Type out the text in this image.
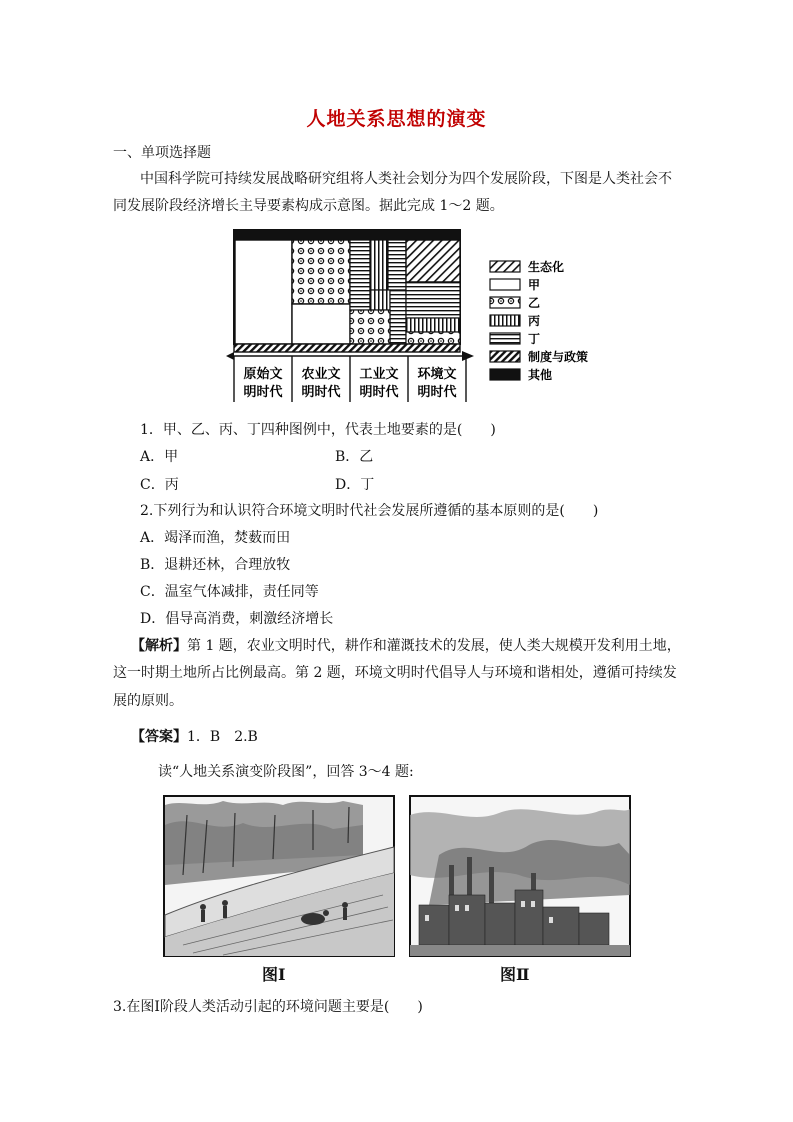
人地关系思想的演变
一、单项选择题
中国科学院可持续发展战略研究组将人类社会划分为四个发展阶段，下图是人类社会不
同发展阶段经济增长主导要素构成示意图。据此完成 1～2 题。
原始文
明时代
农业文
明时代
工业文
明时代
环境文
明时代
生态化
甲
乙
丙
丁
制度与政策
其他
1．甲、乙、丙、丁四种图例中，代表土地要素的是(　　)
A．甲	B．乙
C．丙	D．丁
2.下列行为和认识符合环境文明时代社会发展所遵循的基本原则的是(　　)
A．竭泽而渔，焚薮而田
B．退耕还林，合理放牧
C．温室气体减排，责任同等
D．倡导高消费，刺激经济增长
【解析】第 1 题，农业文明时代，耕作和灌溉技术的发展，使人类大规模开发利用土地，
这一时期土地所占比例最高。第 2 题，环境文明时代倡导人与环境和谐相处，遵循可持续发
展的原则。
【答案】1．B　2.B
读“人地关系演变阶段图”，回答 3～4 题:
图Ⅰ	图Ⅱ
3.在图Ⅰ阶段人类活动引起的环境问题主要是(　　)
